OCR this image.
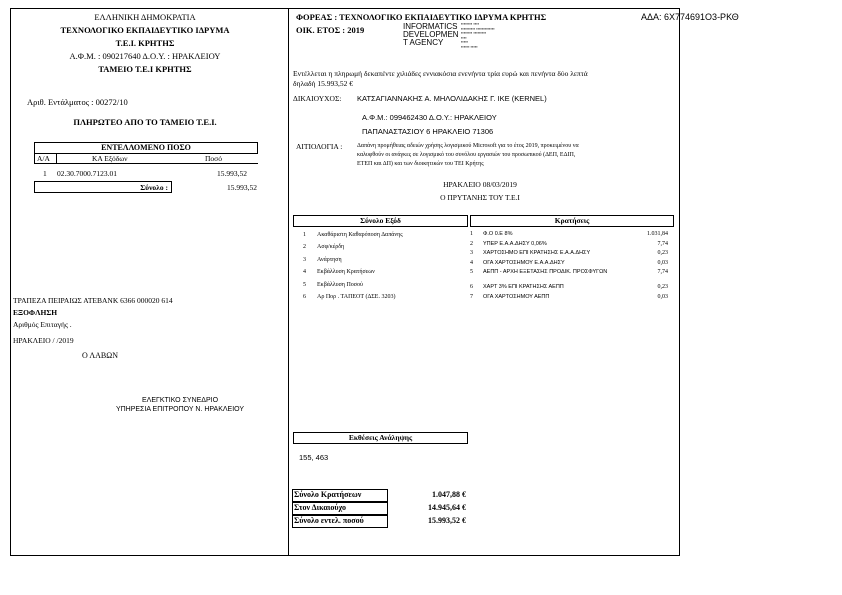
ΑΔΑ: 6Χ774691Ο3-ΡΚΘ
ΕΛΛΗΝΙΚΗ ΔΗΜΟΚΡΑΤΙΑ
ΤΕΧΝΟΛΟΓΙΚΟ ΕΚΠΑΙΔΕΥΤΙΚΟ ΙΔΡΥΜΑ
Τ.Ε.Ι. ΚΡΗΤΗΣ
Α.Φ.Μ. : 090217640 Δ.Ο.Υ. : ΗΡΑΚΛΕΙΟΥ
ΤΑΜΕΙΟ Τ.Ε.Ι ΚΡΗΤΗΣ
Αριθ. Εντάλματος : 00272/10
ΠΛΗΡΩΤΕΟ ΑΠΟ ΤΟ ΤΑΜΕΙΟ Τ.Ε.Ι.
ΕΝΤΕΛΛΟΜΕΝΟ ΠΟΣΟ
Α/Α	ΚΑ Εξόδων	Ποσό
1 02.30.7000.7123.01	15.993,52
Σύνολο :	15.993,52
ΤΡΑΠΕΖΑ ΠΕΙΡΑΙΩΣ ΑΤΕBANK 6366 000020 614
ΕΞΟΦΛΗΣΗ
Αριθμός Επιταγής .
ΗΡΑΚΛΕΙΟ / /2019
Ο ΛΑΒΩΝ
ΕΛΕΓΚΤΙΚΟ ΣΥΝΕΔΡΙΟ
ΥΠΗΡΕΣΙΑ ΕΠΙΤΡΟΠΟΥ Ν. ΗΡΑΚΛΕΙΟΥ
ΦΟΡΕΑΣ : ΤΕΧΝΟΛΟΓΙΚΟ ΕΚΠΑΙΔΕΥΤΙΚΟ ΙΔΡΥΜΑ ΚΡΗΤΗΣ
ΟΙΚ. ΕΤΟΣ : 2019	INFORMATICS
DEVELOPMEN
T AGENCY
▪▪▪▪▪▪▪▪ ▪▪▪▪
▪▪▪▪▪▪▪▪▪▪ ▪▪▪▪▪▪▪▪▪▪▪▪▪
▪▪▪▪▪▪▪▪ ▪▪▪▪▪▪▪▪▪
▪▪▪▪
▪▪▪▪▪
▪▪▪▪▪▪ ▪▪▪▪▪
Εντέλλεται η πληρωμή δεκαπέντε χιλιάδες εννιακόσια ενενήντα τρία ευρώ και πενήντα δύο λεπτά
δηλαδή 15.993,52 €
ΔΙΚΑΙΟΥΧΟΣ: ΚΑΤΣΑΓΙΑΝΝΑΚΗΣ Α. ΜΗΛΟΛΙΔΑΚΗΣ Γ. ΙΚΕ (KERNEL)
Α.Φ.Μ.: 099462430 Δ.Ο.Υ.: ΗΡΑΚΛΕΙΟΥ
ΠΑΠΑΝΑΣΤΑΣΙΟΥ 6 ΗΡΑΚΛΕΙΟ 71306
ΑΙΤΙΟΛΟΓΙΑ : Δαπάνη προμήθειας αδειών χρήσης λογισμικού Microsoft για το έτος 2019, προκειμένου να
καλυφθούν οι ανάγκες σε λογισμικό του συνόλου εργασιών του προσωπικού (ΔΕΠ, ΕΔΙΠ,
ΕΤΕΠ και ΔΠ) και των διοικητικών του ΤΕΙ Κρήτης
ΗΡΑΚΛΕΙΟ 08/03/2019
Ο ΠΡΥΤΑΝΗΣ ΤΟΥ Τ.Ε.Ι
Σύνολο Εξόδ
1 Ακαθάριστη Καθαρόποση Δαπάνης
2 Ασφ/κέρδη
3 Ανάρτηση
4 Εκβάλλυση Κρατήσεων
5 Εκβάλλυση Ποσού
6 Αρ Πορ . ΤΑΠΕΟΤ (ΔΣΕ. 3203)
Κρατήσεις
1 Φ.Ο 0.Ε 8%	1.031,84
2 ΥΠΕΡ Ε.Α.Α.ΔΗΣΥ 0,06%	7,74
3 ΧΑΡΤΟΣΗΜΟ ΕΠΙ ΚΡΑΤΗΣΗΣ Ε.Α.Α.ΔΗΣΥ	0,23
4 ΟΓΑ ΧΑΡΤΟΣΗΜΟΥ Ε.Α.Α.ΔΗΣΥ	0,03
5 ΑΕΠΠ - ΑΡΧΗ ΕΞΕΤΑΣΗΣ ΠΡΟΔΙΚ. ΠΡΟΣΦΥΓΩΝ	7,74
6 ΧΑΡΤ 3% ΕΠΙ ΚΡΑΤΗΣΗΣ ΑΕΠΠ	0,23
7 ΟΓΑ ΧΑΡΤΟΣΗΜΟΥ ΑΕΠΠ	0,03
Εκθέσεις Ανάληψης
155, 463
Σύνολο Κρατήσεων	1.047,88 €
Στον Δικαιούχο	14.945,64 €
Σύνολο εντελ. ποσού	15.993,52 €
